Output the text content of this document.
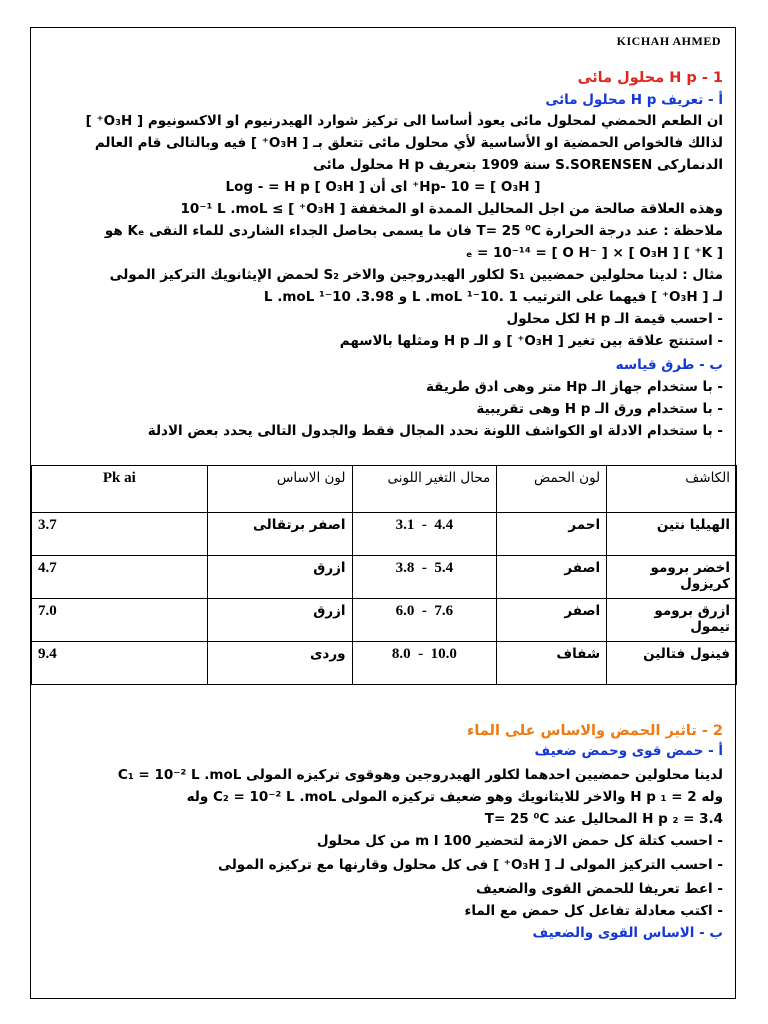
KICHAH AHMED
H p - 1 محلول مائى
أ - تعريف H p محلول مائى
ان الطعم الحمضي لمحلول مائى يعود أساسا الى تركيز شوارد الهيدرنيوم او الاكسونيوم [ O₃H⁺ ]
لذالك فالخواص الحمضية او الأساسية لأي محلول مائى تتعلق بـ [ O₃H⁺ ] فيه وبالتالى قام العالم
الدنماركى S.SORENSEN سنة 1909 بتعريف H p محلول مائى
[ Hp- 10 = [ O₃H⁺ اى أن [ O₃H ] Log - = H p
وهذه العلاقة صالحة من اجل المحاليل الممدة او المخففة [ O₃H⁺ ] ≥ 10⁻¹ L .moL
ملاحظة : عند درجة الحرارة T= 25 ⁰C فان ما يسمى بحاصل الجداء الشاردى للماء النقى Kₑ هو
[ K⁺ ] ₑ = 10⁻¹⁴ = [ O H⁻ ] × [ O₃H ]
مثال : لدينا محلولين حمضيين S₁ لكلور الهيدروجين والاخر S₂ لحمض الإيثانويك التركيز المولى
لـ [ O₃H⁺ ] فيهما على الترتيب 1 .10⁻¹ L .moL و 3.98. 10⁻¹ L .moL
- احسب قيمة الـ H p لكل محلول
- استنتج علاقة بين تغير [ O₃H⁺ ] و الـ H p ومثلها بالاسهم
ب - طرق قياسه
- با ستخدام جهاز الـ Hp متر وهى ادق طريقة
- با ستخدام ورق الـ H p وهى تقريبية
- با ستخدام الادلة او الكواشف اللونة نحدد المجال فقط والجدول التالى يحدد بعض الادلة
الكاشف	لون الحمض	محال التغير اللونى	لون الاساس	Pk ai
الهيليا نتين	احمر	3.1  -  4.4	اصفر برتقالى	3.7
اخضر برومو كريزول	اصفر	3.8  -  5.4	ازرق	4.7
ازرق برومو تيمول	اصفر	6.0  -  7.6	ازرق	7.0
فينول فتالين	شفاف	8.0  -  10.0	وردى	9.4
2 - تاثير الحمض والاساس على الماء
أ - حمض قوى وحمض ضعيف
لدينا محلولين حمضيين احدهما لكلور الهيدروجين وهوقوى تركيزه المولى C₁ = 10⁻² L .moL
وله H p ₁ = 2 والاخر للايثانويك وهو ضعيف تركيزه المولى C₂ = 10⁻² L .moL وله
H p ₂ = 3.4 المحاليل عند T= 25 ⁰C
- احسب كتلة كل حمض الازمة لتحضير 100 m l من كل محلول
- احسب التركيز المولى لـ [ O₃H⁺ ] فى كل محلول وقارنها مع تركيزه المولى
- اعط تعريفا للحمض القوى والضعيف
- اكتب معادلة تفاعل كل حمض مع الماء
ب - الاساس القوى والضعيف
